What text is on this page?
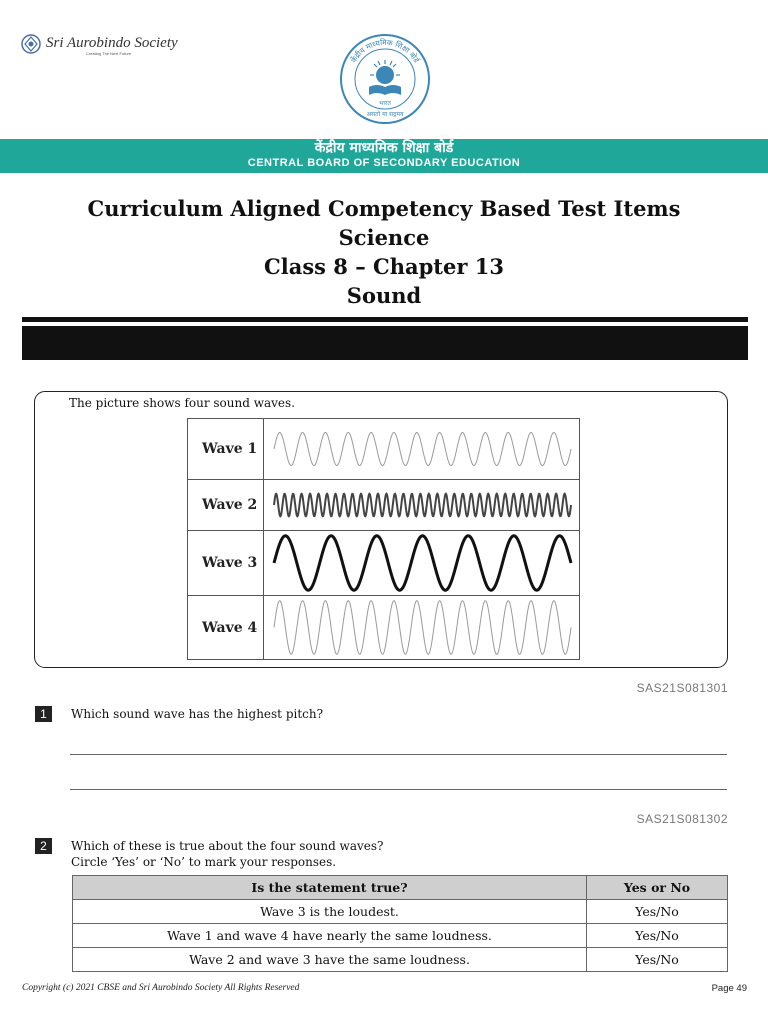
Sri Aurobindo Society
Creating The Next Future
केंद्रीय माध्यमिक शिक्षा बोर्ड
भारत
असतो मा सद्गमय
केंद्रीय माध्यमिक शिक्षा बोर्ड
CENTRAL BOARD OF SECONDARY EDUCATION
Curriculum Aligned Competency Based Test Items
Science
Class 8 – Chapter 13
Sound
The picture shows four sound waves.
Wave 1	

Wave 2	

Wave 3	

Wave 4	
SAS21S081301
1	Which sound wave has the highest pitch?
SAS21S081302
2	Which of these is true about the four sound waves?
Circle ‘Yes’ or ‘No’ to mark your responses.
Is the statement true?	Yes or No
Wave 3 is the loudest.	Yes/No
Wave 1 and wave 4 have nearly the same loudness.	Yes/No
Wave 2 and wave 3 have the same loudness.	Yes/No
Copyright (c) 2021 CBSE and Sri Aurobindo Society All Rights Reserved	Page 49
